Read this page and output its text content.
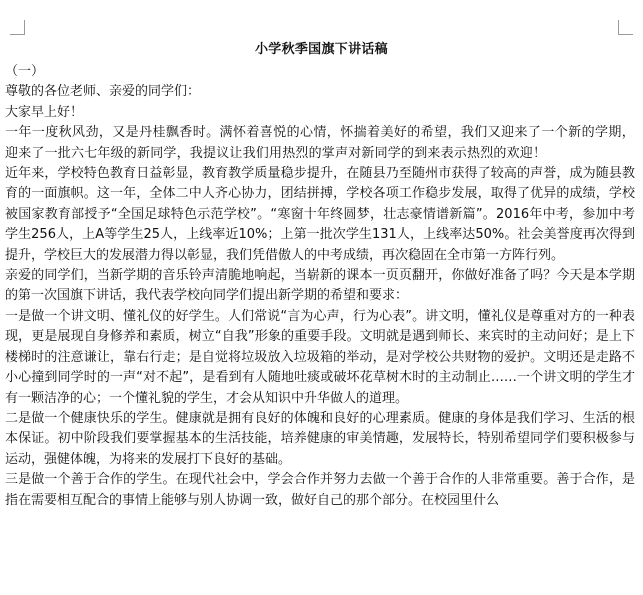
小学秋季国旗下讲话稿

（一）

尊敬的各位老师、亲爱的同学们：

大家早上好！

一年一度秋风劲，又是丹桂飘香时。满怀着喜悦的心情，怀揣着美好的希望，我们又迎来了一个新的学期，迎来了一批六七年级的新同学，我提议让我们用热烈的掌声对新同学的到来表示热烈的欢迎！

近年来，学校特色教育日益彰显，教育教学质量稳步提升，在随县乃至随州市获得了较高的声誉，成为随县教育的一面旗帜。这一年，全体二中人齐心协力，团结拼搏，学校各项工作稳步发展，取得了优异的成绩，学校被国家教育部授予“全国足球特色示范学校”。“寒窗十年终圆梦，壮志豪情谱新篇”。2016年中考，参加中考学生256人，上A等学生25人，上线率近10%；上第一批次学生131人，上线率达50%。社会美誉度再次得到提升，学校巨大的发展潜力得以彰显，我们凭借傲人的中考成绩，再次稳固在全市第一方阵行列。

亲爱的同学们，当新学期的音乐铃声清脆地响起，当崭新的课本一页页翻开，你做好准备了吗？今天是本学期的第一次国旗下讲话，我代表学校向同学们提出新学期的希望和要求：

一是做一个讲文明、懂礼仪的好学生。人们常说“言为心声，行为心表”。讲文明，懂礼仪是尊重对方的一种表现，更是展现自身修养和素质，树立“自我”形象的重要手段。文明就是遇到师长、来宾时的主动问好；是上下楼梯时的注意谦让，靠右行走；是自觉将垃圾放入垃圾箱的举动，是对学校公共财物的爱护。文明还是走路不小心撞到同学时的一声“对不起”，是看到有人随地吐痰或破坏花草树木时的主动制止……一个讲文明的学生才有一颗洁净的心；一个懂礼貌的学生，才会从知识中升华做人的道理。

二是做一个健康快乐的学生。健康就是拥有良好的体魄和良好的心理素质。健康的身体是我们学习、生活的根本保证。初中阶段我们要掌握基本的生活技能，培养健康的审美情趣，发展特长，特别希望同学们要积极参与运动，强健体魄，为将来的发展打下良好的基础。

三是做一个善于合作的学生。在现代社会中，学会合作并努力去做一个善于合作的人非常重要。善于合作，是指在需要相互配合的事情上能够与别人协调一致，做好自己的那个部分。在校园里什么
